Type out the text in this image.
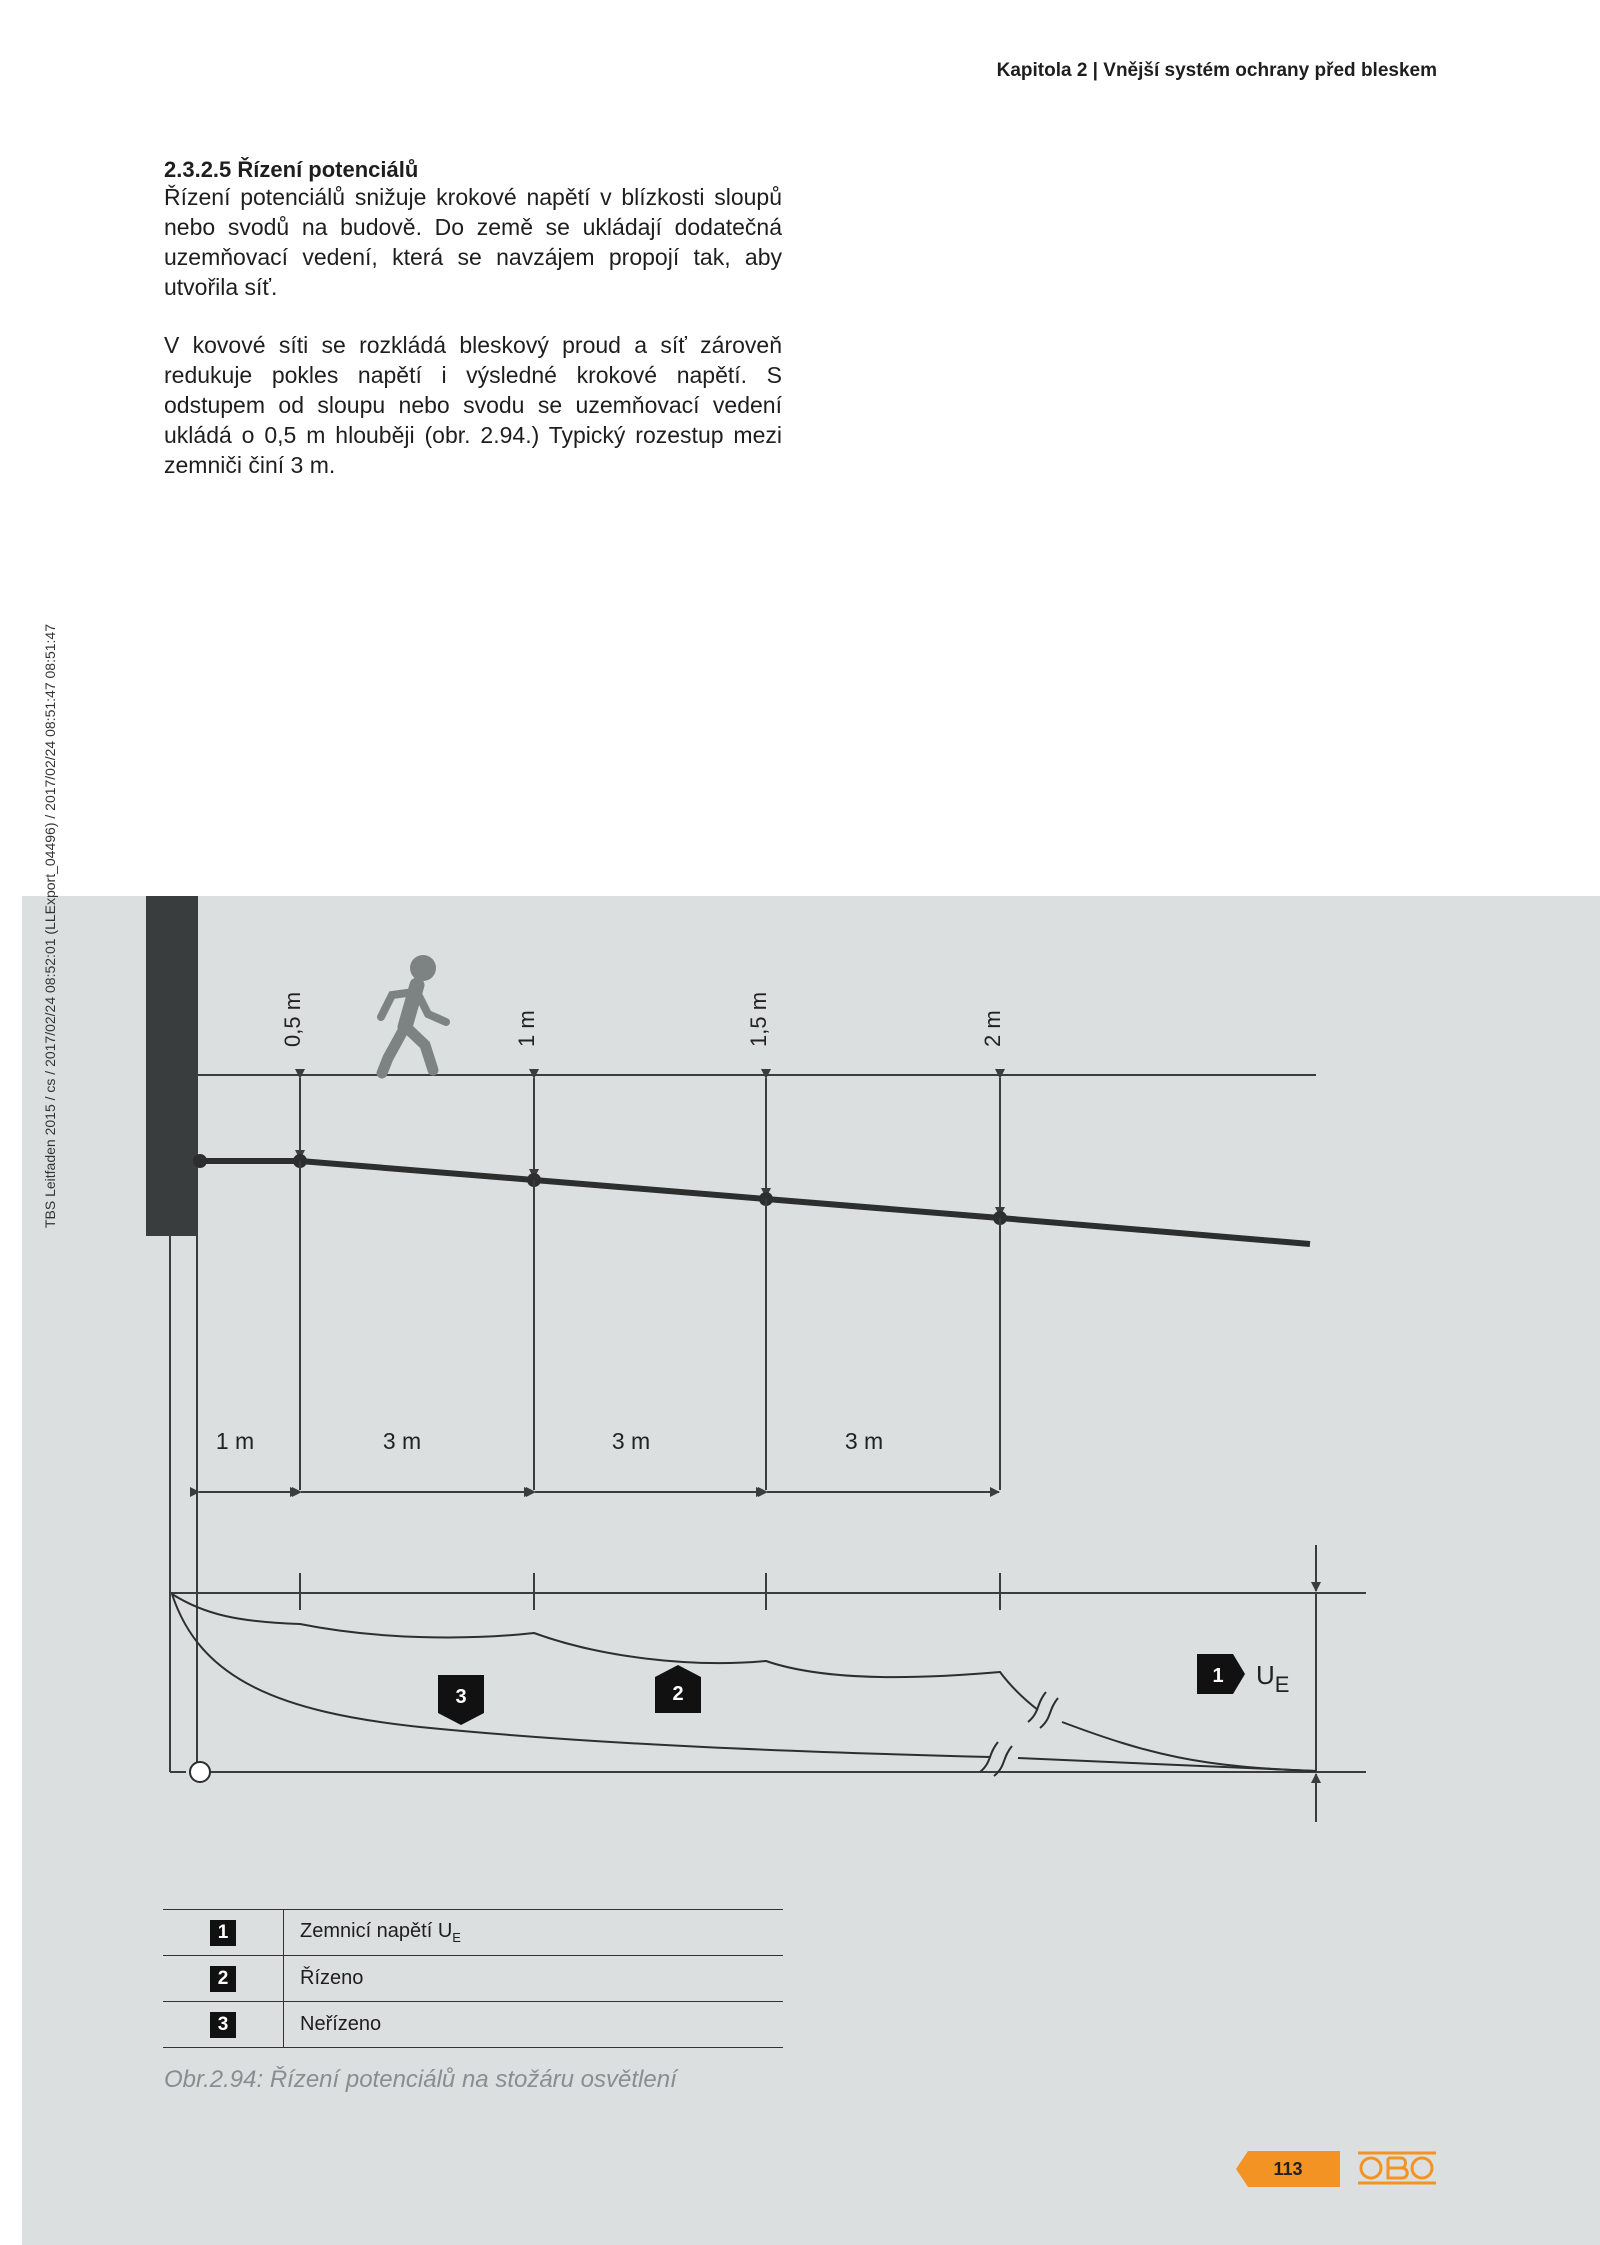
Kapitola 2 | Vnější systém ochrany před bleskem
2.3.2.5 Řízení potenciálů

Řízení potenciálů snižuje krokové napětí v blízkosti sloupů nebo svodů na budově. Do země se ukládají dodatečná uzemňovací vedení, která se navzájem propojí tak, aby utvořila síť.

V kovové síti se rozkládá bleskový proud a síť zároveň redukuje pokles napětí i výsledné krokové napětí. S odstupem od sloupu nebo svodu se uzemňovací vedení ukládá o 0,5 m hlouběji (obr. 2.94.) Typický rozestup mezi zemniči činí 3 m.

TBS Leitfaden 2015 / cs / 2017/02/24 08:52:01 (LLExport_04496) / 2017/02/24 08:51:47 08:51:47	0,5 m	1 m	1,5 m	2 m
1 m	3 m	3 m	3 m
3	2
1 $U_E$
1	Zemnicí napětí $U_E$
2	Řízeno
3	Neřízeno
Obr.2.94: Řízení potenciálů na stožáru osvětlení
113
